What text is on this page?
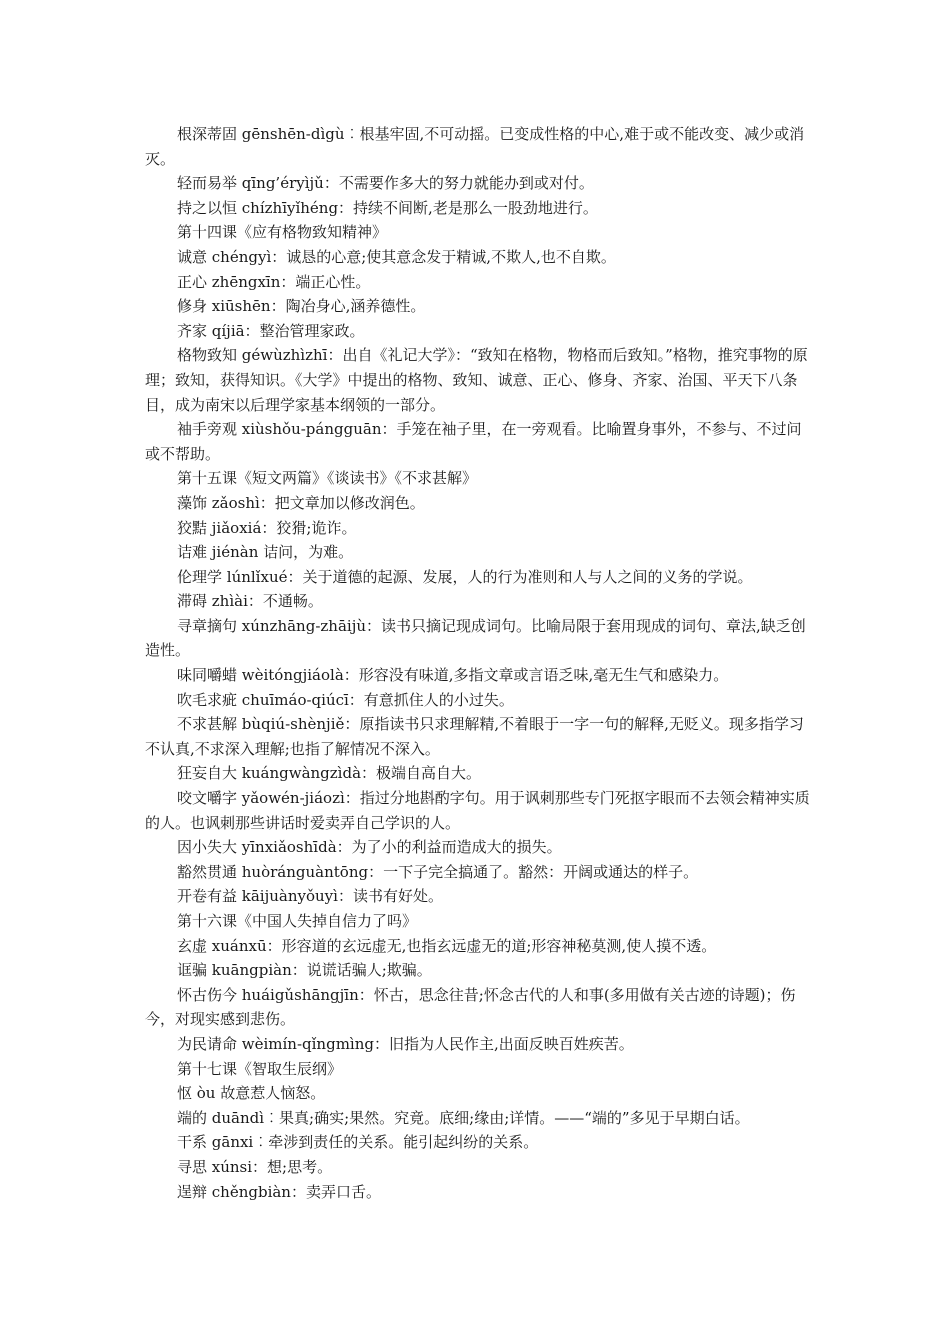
根深蒂固 gēnshēn-dìgù︰根基牢固,不可动摇。已变成性格的中心,难于或不能改变、减少或消灭。

轻而易举 qīng’éryìjǔ：不需要作多大的努力就能办到或对付。

持之以恒 chízhīyǐhéng：持续不间断,老是那么一股劲地进行。

第十四课《应有格物致知精神》

诚意 chéngyì：诚恳的心意;使其意念发于精诚,不欺人,也不自欺。

正心 zhēngxīn：端正心性。

修身 xiūshēn：陶冶身心,涵养德性。

齐家 qíjiā：整治管理家政。

格物致知 géwùzhìzhī：出自《礼记大学》：“致知在格物，物格而后致知。”格物，推究事物的原理；致知，获得知识。《大学》中提出的格物、致知、诚意、正心、修身、齐家、治国、平天下八条目，成为南宋以后理学家基本纲领的一部分。

袖手旁观 xiùshǒu-pángguān：手笼在袖子里，在一旁观看。比喻置身事外，不参与、不过问或不帮助。

第十五课《短文两篇》《谈读书》《不求甚解》

藻饰 zǎoshì：把文章加以修改润色。

狡黠 jiǎoxiá：狡猾;诡诈。

诘难 jiénàn 诘问，为难。

伦理学 lúnlǐxué：关于道德的起源、发展，人的行为准则和人与人之间的义务的学说。

滞碍 zhìài：不通畅。

寻章摘句 xúnzhāng-zhāijù：读书只摘记现成词句。比喻局限于套用现成的词句、章法,缺乏创造性。

味同嚼蜡 wèitóngjiáolà：形容没有味道,多指文章或言语乏味,毫无生气和感染力。

吹毛求疵 chuīmáo-qiúcī：有意抓住人的小过失。

不求甚解 bùqiú-shènjiě：原指读书只求理解精,不着眼于一字一句的解释,无贬义。现多指学习不认真,不求深入理解;也指了解情况不深入。

狂妄自大 kuángwàngzìdà：极端自高自大。

咬文嚼字 yǎowén-jiáozì：指过分地斟酌字句。用于讽刺那些专门死抠字眼而不去领会精神实质的人。也讽刺那些讲话时爱卖弄自己学识的人。

因小失大 yīnxiǎoshīdà：为了小的利益而造成大的损失。

豁然贯通 huòránguàntōng：一下子完全搞通了。豁然：开阔或通达的样子。

开卷有益 kāijuànyǒuyì：读书有好处。

第十六课《中国人失掉自信力了吗》

玄虚 xuánxū：形容道的玄远虚无,也指玄远虚无的道;形容神秘莫测,使人摸不透。

诓骗 kuāngpiàn：说谎话骗人;欺骗。

怀古伤今 huáigǔshāngjīn：怀古，思念往昔;怀念古代的人和事(多用做有关古迹的诗题)；伤今，对现实感到悲伤。

为民请命 wèimín-qǐngmìng：旧指为人民作主,出面反映百姓疾苦。

第十七课《智取生辰纲》

怄 òu 故意惹人恼怒。

端的 duāndì︰果真;确实;果然。究竟。底细;缘由;详情。——“端的”多见于早期白话。

干系 gānxi︰牵涉到责任的关系。能引起纠纷的关系。

寻思 xúnsi：想;思考。

逞辩 chěngbiàn：卖弄口舌。
